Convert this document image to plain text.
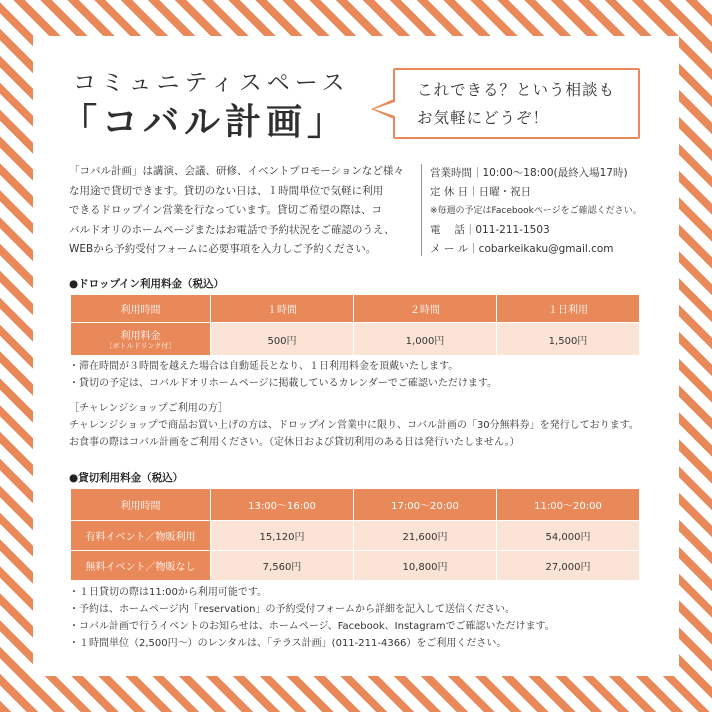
コミュニティスペース
「コバル計画」
これできる？という相談も
お気軽にどうぞ！

「コバル計画」は講演、会議、研修、イベントプロモーションなど様々

な用途で貸切できます。貸切のない日は、１時間単位で気軽に利用

できるドロップイン営業を行なっています。貸切ご希望の際は、コ

バルドオリのホームページまたはお電話で予約状況をご確認のうえ、

WEBから予約受付フォームに必要事項を入力しご予約ください。

営業時間｜10:00〜18:00(最終入場17時)
定 休 日｜日曜・祝日
※毎週の予定はFacebookページをご確認ください。
電　 話｜011-211-1503
メ ー ル｜cobarkeikaku@gmail.com
●ドロップイン利用料金（税込）
利用時間	１時間	２時間	１日利用
利用料金
［ボトルドリンク付］	500円	1,000円	1,500円
・滞在時間が３時間を越えた場合は自動延長となり、１日利用料金を頂戴いたします。
・貸切の予定は、コバルドオリホームページに掲載しているカレンダーでご確認いただけます。
［チャレンジショップご利用の方］
チャレンジショップで商品お買い上げの方は、ドロップイン営業中に限り、コバル計画の「30分無料券」を発行しております。
お食事の際はコバル計画をご利用ください。（定休日および貸切利用のある日は発行いたしません。）
●貸切利用料金（税込）
利用時間	13:00〜16:00	17:00〜20:00	11:00〜20:00
有料イベント／物販利用	15,120円	21,600円	54,000円
無料イベント／物販なし	7,560円	10,800円	27,000円
・１日貸切の際は11:00から利用可能です。
・予約は、ホームページ内「reservation」の予約受付フォームから詳細を記入して送信ください。
・コバル計画で行うイベントのお知らせは、ホームページ、Facebook、Instagramでご確認いただけます。
・１時間単位（2,500円〜）のレンタルは、「テラス計画」(011-211-4366）をご利用ください。
